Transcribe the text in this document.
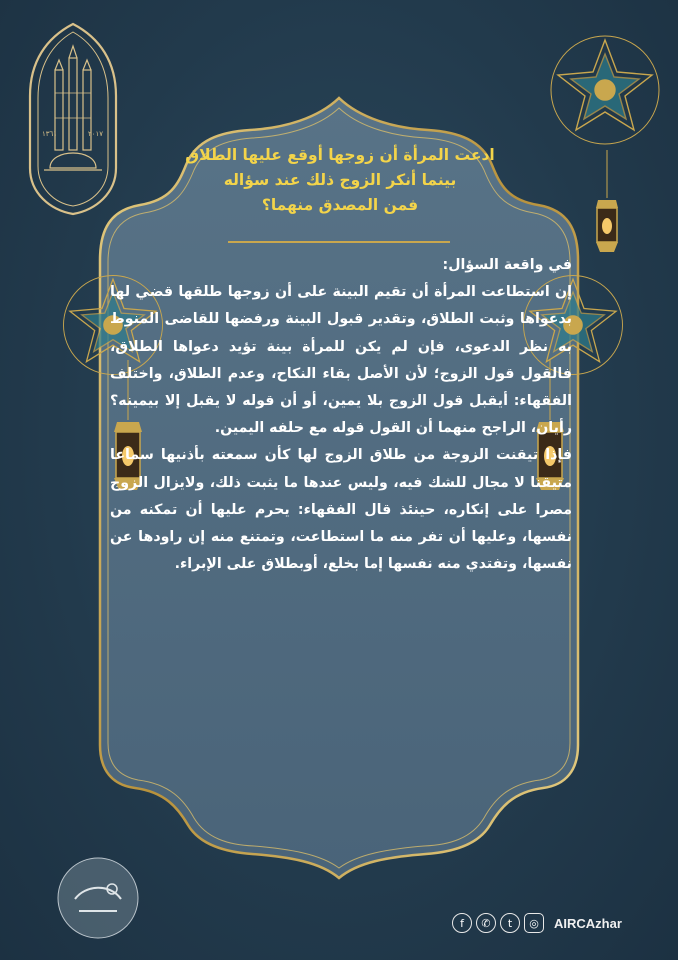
١٣٦١	٢٠١٧
ادعت المرأة أن زوجها أوقع عليها الطلاق
بينما أنكر الزوج ذلك عند سؤاله
فمن المصدق منهما؟
في واقعة السؤال:
إن استطاعت المرأة أن تقيم البينة على أن زوجها طلقها قضي لها بدعواها وثبت الطلاق، وتقدير قبول البينة ورفضها للقاضى المنوط به نظر الدعوى، فإن لم يكن للمرأة بينة تؤيد دعواها الطلاق، فالقول قول الزوج؛ لأن الأصل بقاء النكاح، وعدم الطلاق، واختلف الفقهاء: أيقبل قول الزوج بلا يمين، أو أن قوله لا يقبل إلا بيمينه؟ رأيان، الراجح منهما أن القول قوله مع حلفه اليمين.
فإذا تيقنت الزوجة من طلاق الزوج لها كأن سمعته بأذنيها سماعا متيقنا لا مجال للشك فيه، وليس عندها ما يثبت ذلك، ولايزال الزوج مصرا على إنكاره، حينئذ قال الفقهاء: يحرم عليها أن تمكنه من نفسها، وعليها أن تفر منه ما استطاعت، وتمتنع منه إن راودها عن نفسها، وتفتدي منه نفسها إما بخلع، أوبطلاق على الإبراء.
f	✆	t	◎	AIRCAzhar
